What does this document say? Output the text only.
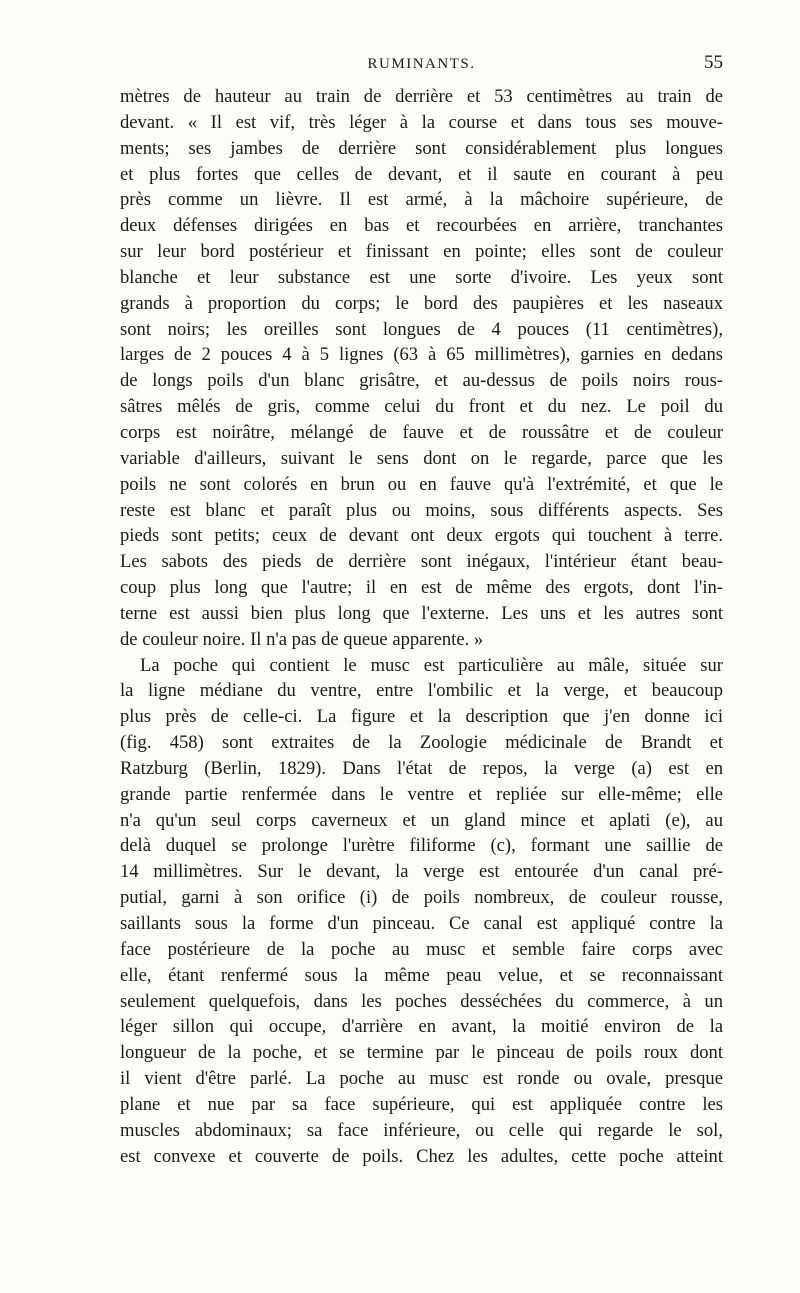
RUMINANTS.	55
mètres de hauteur au train de derrière et 53 centimètres au train de
devant. « Il est vif, très léger à la course et dans tous ses mouve-
ments; ses jambes de derrière sont considérablement plus longues
et plus fortes que celles de devant, et il saute en courant à peu
près comme un lièvre. Il est armé, à la mâchoire supérieure, de
deux défenses dirigées en bas et recourbées en arrière, tranchantes
sur leur bord postérieur et finissant en pointe; elles sont de couleur
blanche et leur substance est une sorte d'ivoire. Les yeux sont
grands à proportion du corps; le bord des paupières et les naseaux
sont noirs; les oreilles sont longues de 4 pouces (11 centimètres),
larges de 2 pouces 4 à 5 lignes (63 à 65 millimètres), garnies en dedans
de longs poils d'un blanc grisâtre, et au-dessus de poils noirs rous-
sâtres mêlés de gris, comme celui du front et du nez. Le poil du
corps est noirâtre, mélangé de fauve et de roussâtre et de couleur
variable d'ailleurs, suivant le sens dont on le regarde, parce que les
poils ne sont colorés en brun ou en fauve qu'à l'extrémité, et que le
reste est blanc et paraît plus ou moins, sous différents aspects. Ses
pieds sont petits; ceux de devant ont deux ergots qui touchent à terre.
Les sabots des pieds de derrière sont inégaux, l'intérieur étant beau-
coup plus long que l'autre; il en est de même des ergots, dont l'in-
terne est aussi bien plus long que l'externe. Les uns et les autres sont
de couleur noire. Il n'a pas de queue apparente. »
La poche qui contient le musc est particulière au mâle, située sur
la ligne médiane du ventre, entre l'ombilic et la verge, et beaucoup
plus près de celle-ci. La figure et la description que j'en donne ici
(fig. 458) sont extraites de la Zoologie médicinale de Brandt et
Ratzburg (Berlin, 1829). Dans l'état de repos, la verge (a) est en
grande partie renfermée dans le ventre et repliée sur elle-même; elle
n'a qu'un seul corps caverneux et un gland mince et aplati (e), au
delà duquel se prolonge l'urètre filiforme (c), formant une saillie de
14 millimètres. Sur le devant, la verge est entourée d'un canal pré-
putial, garni à son orifice (i) de poils nombreux, de couleur rousse,
saillants sous la forme d'un pinceau. Ce canal est appliqué contre la
face postérieure de la poche au musc et semble faire corps avec
elle, étant renfermé sous la même peau velue, et se reconnaissant
seulement quelquefois, dans les poches desséchées du commerce, à un
léger sillon qui occupe, d'arrière en avant, la moitié environ de la
longueur de la poche, et se termine par le pinceau de poils roux dont
il vient d'être parlé. La poche au musc est ronde ou ovale, presque
plane et nue par sa face supérieure, qui est appliquée contre les
muscles abdominaux; sa face inférieure, ou celle qui regarde le sol,
est convexe et couverte de poils. Chez les adultes, cette poche atteint
